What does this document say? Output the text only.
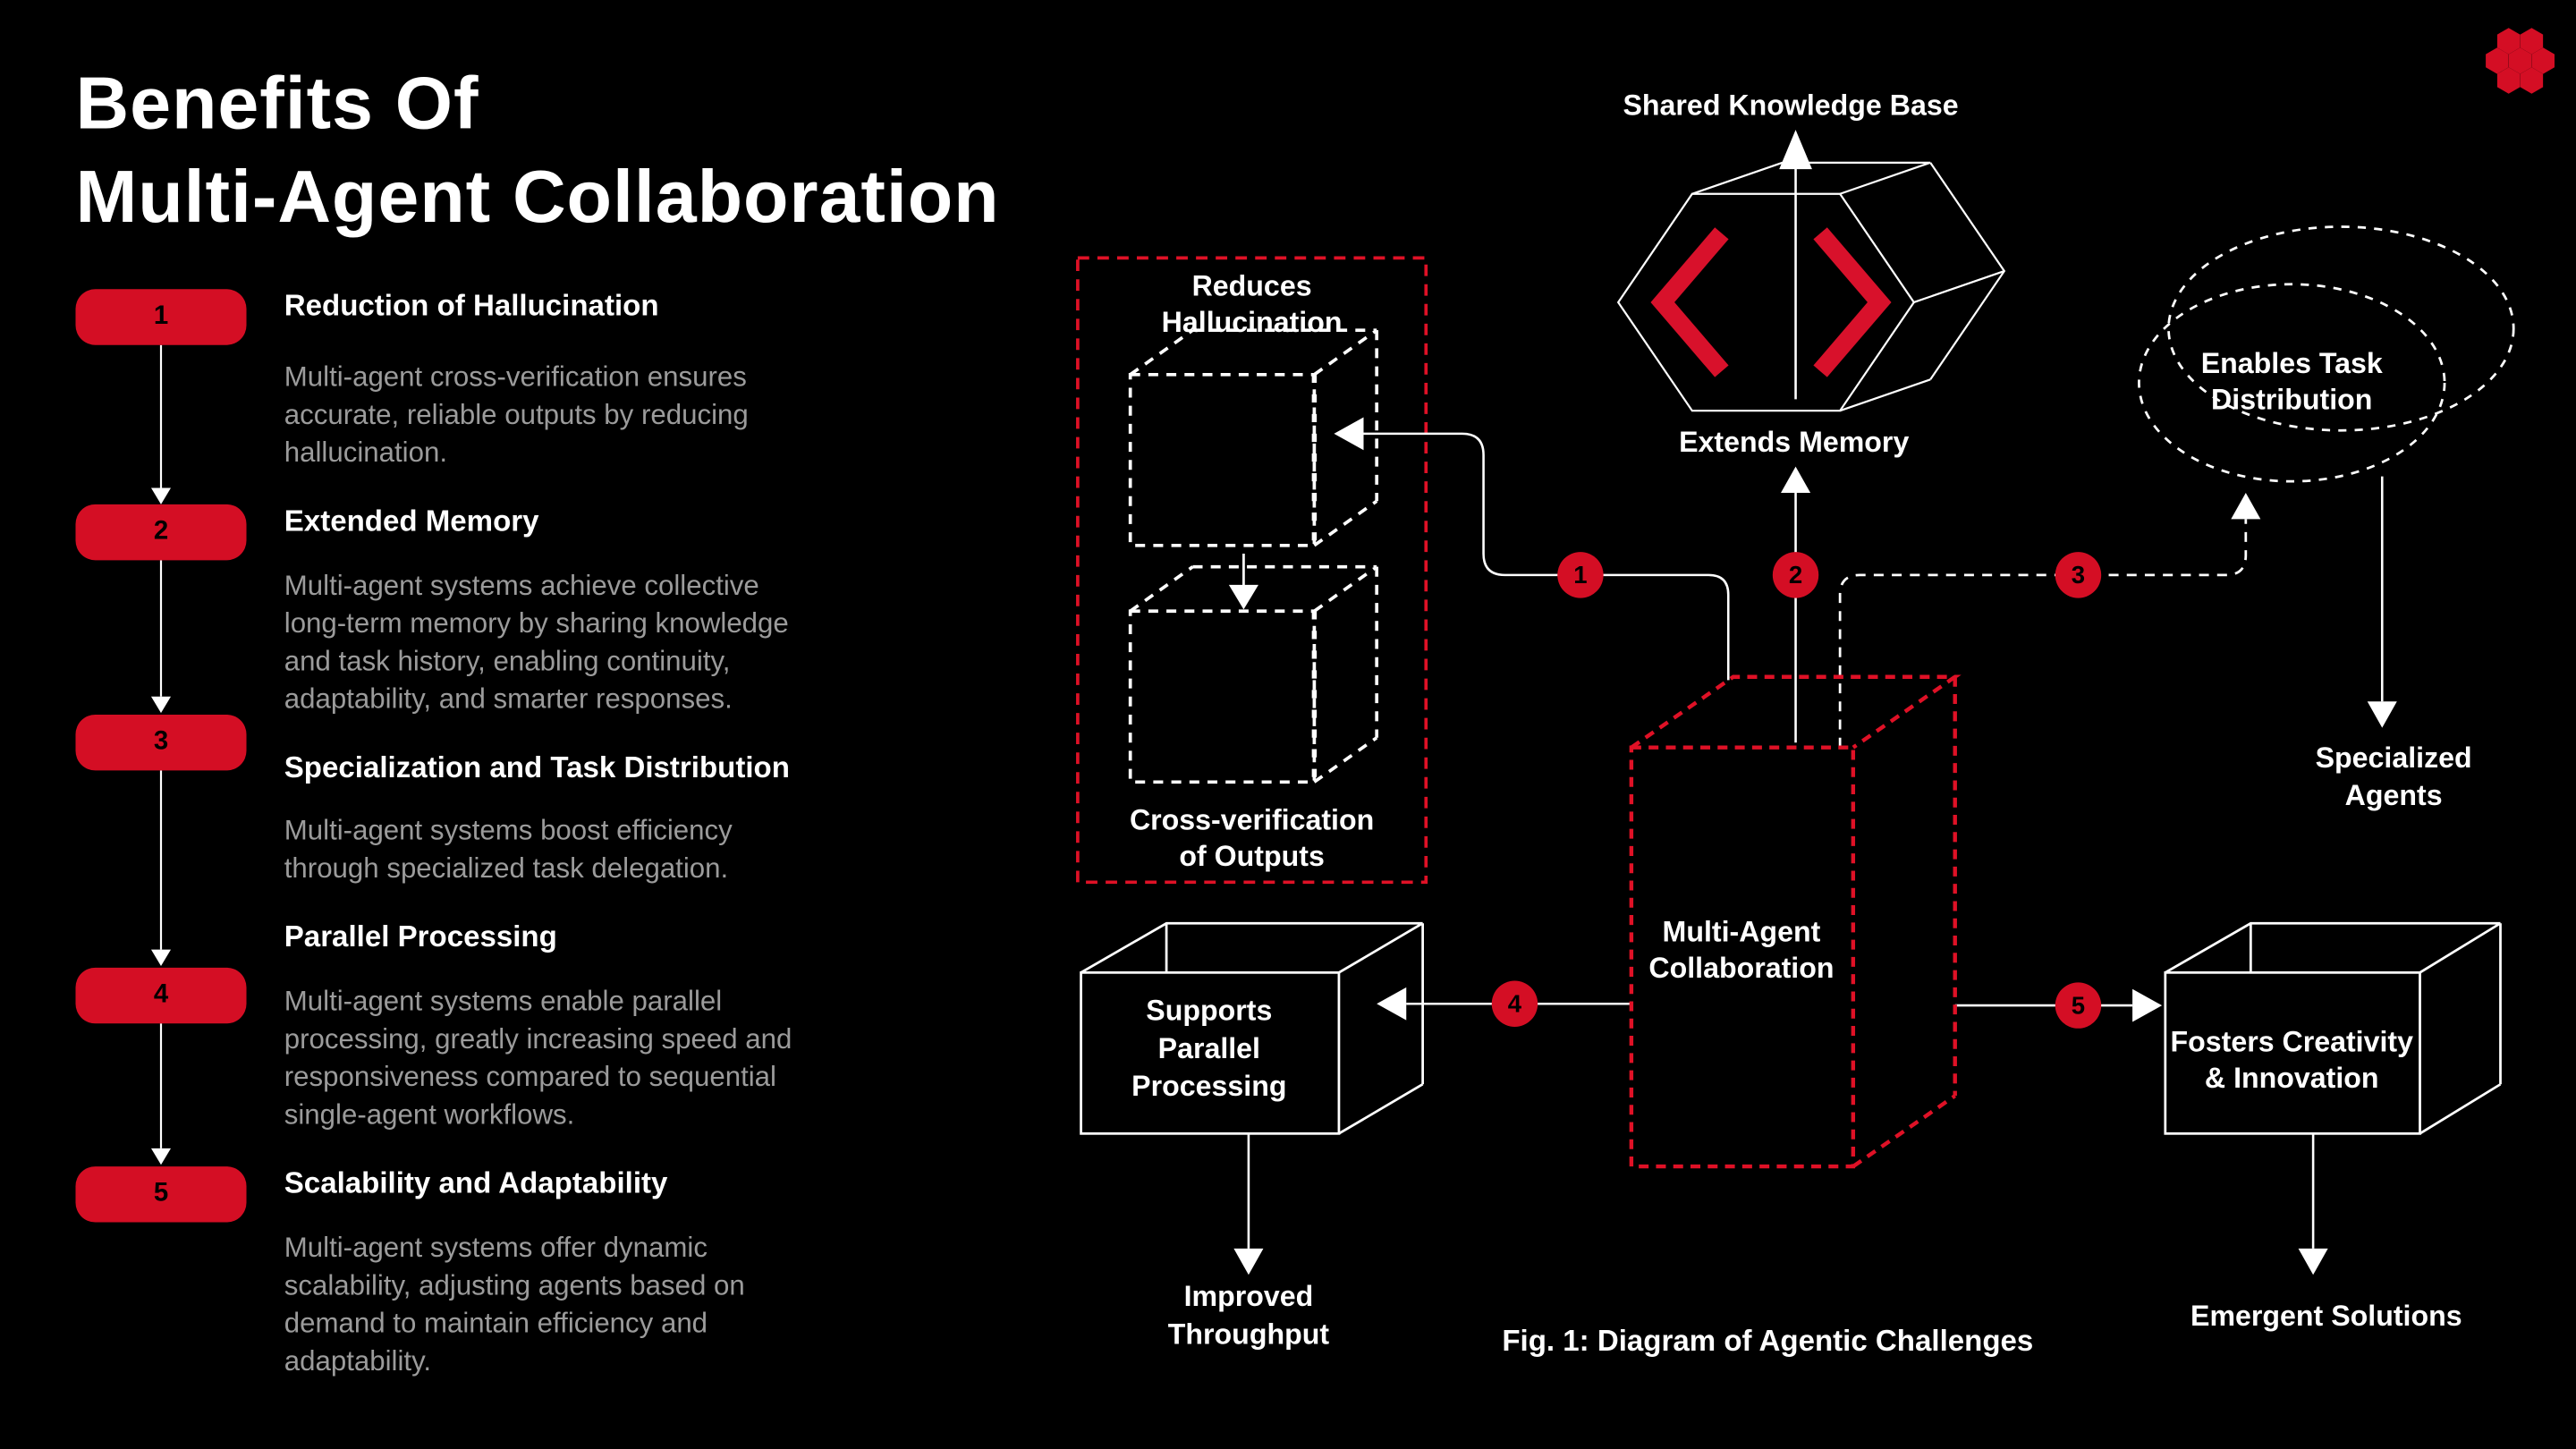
Benefits Of
Multi-Agent Collaboration
1	Reduction of Hallucination
Multi-agent cross-verification ensures
accurate, reliable outputs by reducing
hallucination.
2	Extended Memory
Multi-agent systems achieve collective
long-term memory by sharing knowledge
and task history, enabling continuity,
adaptability, and smarter responses.
3
Specialization and Task Distribution
Multi-agent systems boost efficiency
through specialized task delegation.
4
Parallel Processing
Multi-agent systems enable parallel
processing, greatly increasing speed and
responsiveness compared to sequential
single-agent workflows.
5	Scalability and Adaptability
Multi-agent systems offer dynamic
scalability, adjusting agents based on
demand to maintain efficiency and
adaptability.
Reduces
Hallucination
Cross-verification
of Outputs
Shared Knowledge Base
Extends Memory
Enables Task
Distribution
Specialized
Agents
Multi-Agent
Collaboration
Supports
Parallel
Processing
Improved
Throughput
Fosters Creativity
& Innovation
Emergent Solutions
Fig. 1: Diagram of Agentic Challenges
1	2	3
4	5
